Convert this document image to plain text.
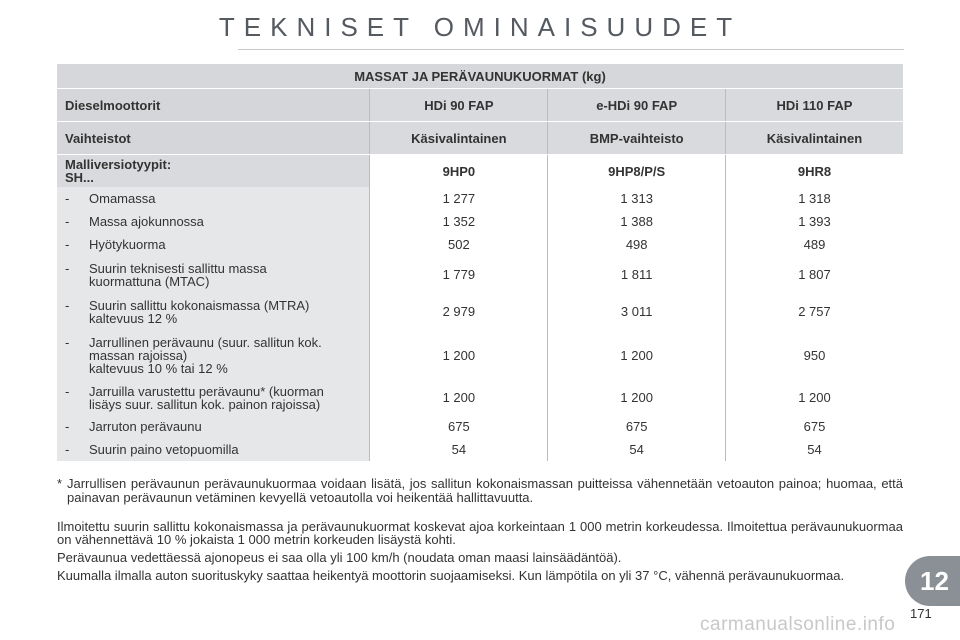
TEKNISET OMINAISUUDET
MASSAT JA PERÄVAUNUKUORMAT (kg)			
Dieselmoottorit	HDi 90 FAP	e-HDi 90 FAP	HDi 110 FAP
Vaihteistot	Käsivalintainen	BMP-vaihteisto	Käsivalintainen

Malliversiotyypit:
SH...	9HP0	9HP8/P/S	9HR8

- Omamassa	1 277	1 313	1 318

- Massa ajokunnossa	1 352	1 388	1 393

- Hyötykuorma	502	498	489

- Suurin teknisesti sallittu massa
kuormattuna (MTAC)	1 779	1 811	1 807

- Suurin sallittu kokonaismassa (MTRA)
kaltevuus 12 %	2 979	3 011	2 757

- Jarrullinen perävaunu (suur. sallitun kok.
massan rajoissa)
kaltevuus 10 % tai 12 %	1 200	1 200	950

- Jarruilla varustettu perävaunu* (kuorman
lisäys suur. sallitun kok. painon rajoissa)	1 200	1 200	1 200

- Jarruton perävaunu	675	675	675

- Suurin paino vetopuomilla	54	54	54
* Jarrullisen perävaunun perävaunukuormaa voidaan lisätä, jos sallitun kokonaismassan puitteissa vähennetään vetoauton painoa; huomaa, että painavan perävaunun vetäminen kevyellä vetoautolla voi heikentää hallittavuutta.

Ilmoitettu suurin sallittu kokonaismassa ja perävaunukuormat koskevat ajoa korkeintaan 1 000 metrin korkeudessa. Ilmoitettua perävaunukuormaa on vähennettävä 10 % jokaista 1 000 metrin korkeuden lisäystä kohti.

Perävaunua vedettäessä ajonopeus ei saa olla yli 100 km/h (noudata oman maasi lainsäädäntöä).

Kuumalla ilmalla auton suorituskyky saattaa heikentyä moottorin suojaamiseksi. Kun lämpötila on yli 37 °C, vähennä perävaunukuormaa.	12
171
carmanualsonline.info
